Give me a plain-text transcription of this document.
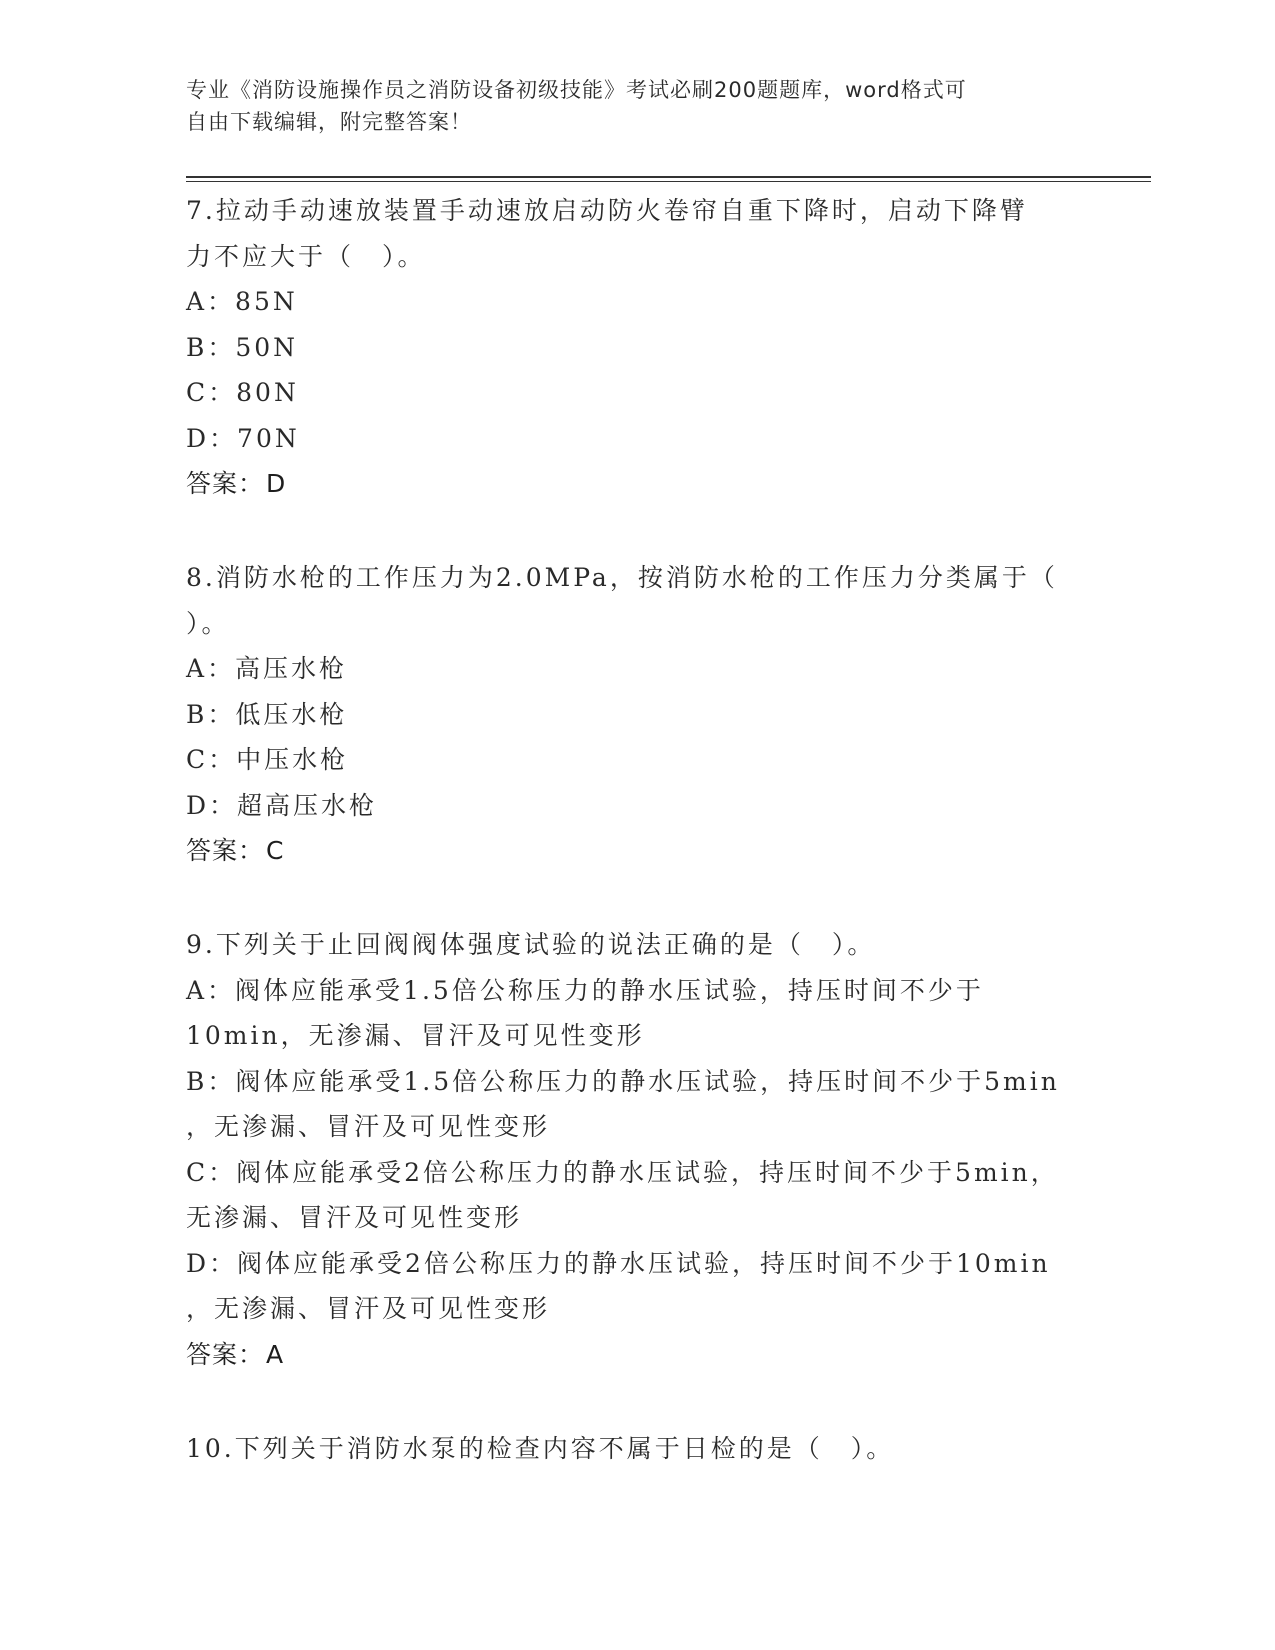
专业《消防设施操作员之消防设备初级技能》考试必刷200题题库，word格式可
自由下载编辑，附完整答案！
7.拉动手动速放装置手动速放启动防火卷帘自重下降时，启动下降臂
力不应大于（　）。
A：85N
B：50N
C：80N
D：70N
答案：D
8.消防水枪的工作压力为2.0MPa，按消防水枪的工作压力分类属于（
）。
A：高压水枪
B：低压水枪
C：中压水枪
D：超高压水枪
答案：C
9.下列关于止回阀阀体强度试验的说法正确的是（　）。
A：阀体应能承受1.5倍公称压力的静水压试验，持压时间不少于
10min，无渗漏、冒汗及可见性变形
B：阀体应能承受1.5倍公称压力的静水压试验，持压时间不少于5min
，无渗漏、冒汗及可见性变形
C：阀体应能承受2倍公称压力的静水压试验，持压时间不少于5min，
无渗漏、冒汗及可见性变形
D：阀体应能承受2倍公称压力的静水压试验，持压时间不少于10min
，无渗漏、冒汗及可见性变形
答案：A
10.下列关于消防水泵的检查内容不属于日检的是（　）。
